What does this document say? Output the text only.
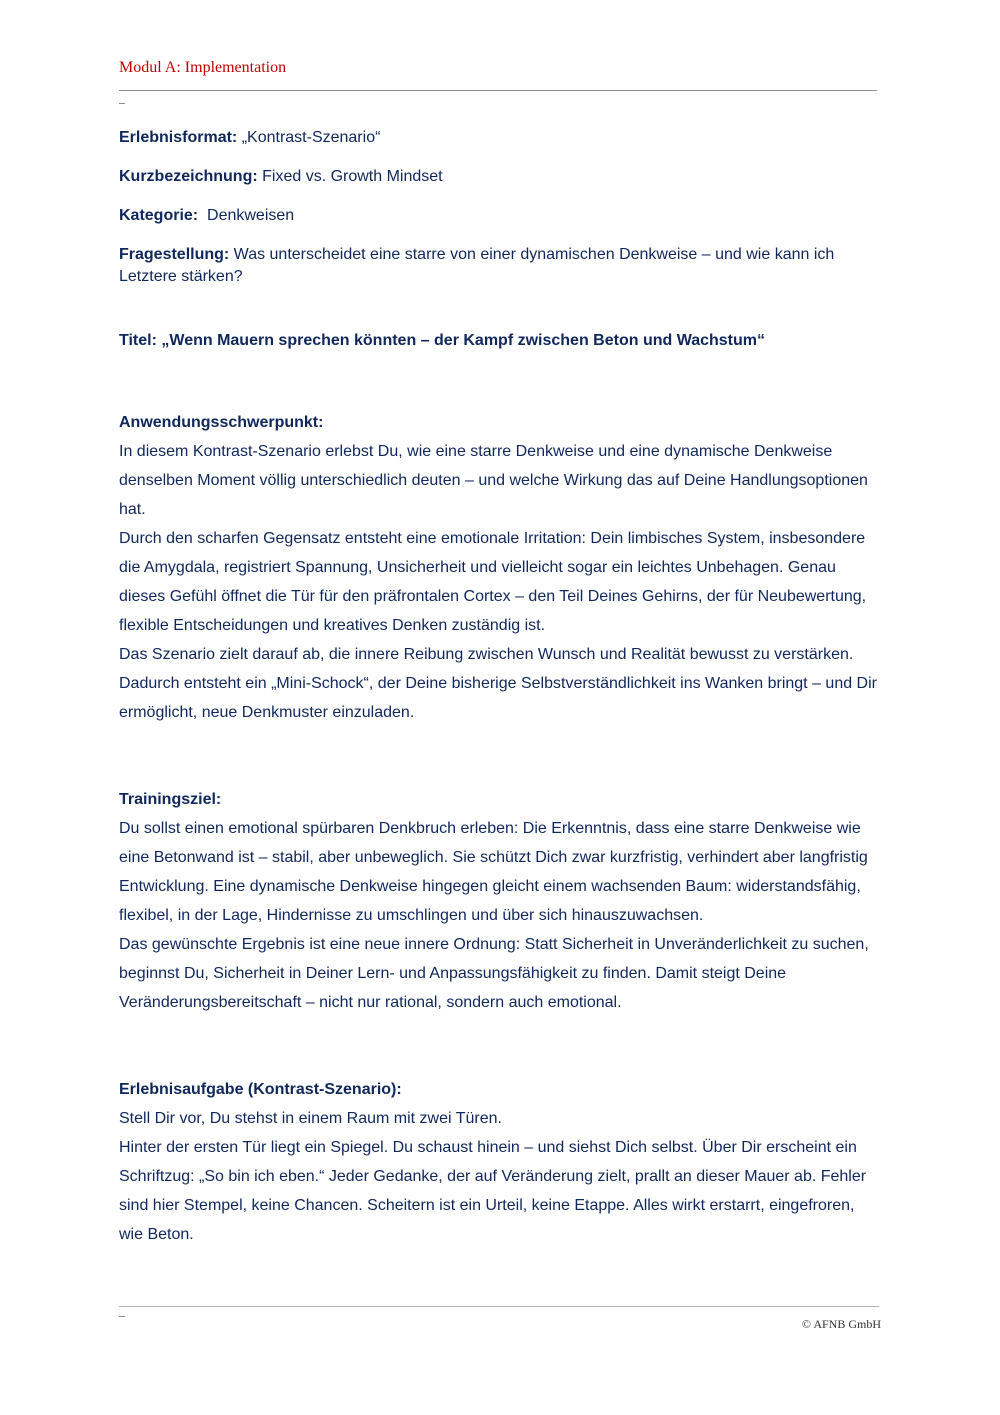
Modul A: Implementation

Erlebnisformat: „Kontrast-Szenario“

Kurzbezeichnung: Fixed vs. Growth Mindset

Kategorie:  Denkweisen

Fragestellung: Was unterscheidet eine starre von einer dynamischen Denkweise – und wie kann ich Letztere stärken?

Titel: „Wenn Mauern sprechen könnten – der Kampf zwischen Beton und Wachstum“

Anwendungsschwerpunkt:

In diesem Kontrast-Szenario erlebst Du, wie eine starre Denkweise und eine dynamische Denkweise denselben Moment völlig unterschiedlich deuten – und welche Wirkung das auf Deine Handlungsoptionen hat.

Durch den scharfen Gegensatz entsteht eine emotionale Irritation: Dein limbisches System, insbesondere die Amygdala, registriert Spannung, Unsicherheit und vielleicht sogar ein leichtes Unbehagen. Genau dieses Gefühl öffnet die Tür für den präfrontalen Cortex – den Teil Deines Gehirns, der für Neubewertung, flexible Entscheidungen und kreatives Denken zuständig ist.

Das Szenario zielt darauf ab, die innere Reibung zwischen Wunsch und Realität bewusst zu verstärken. Dadurch entsteht ein „Mini-Schock“, der Deine bisherige Selbstverständlichkeit ins Wanken bringt – und Dir ermöglicht, neue Denkmuster einzuladen.

Trainingsziel:

Du sollst einen emotional spürbaren Denkbruch erleben: Die Erkenntnis, dass eine starre Denkweise wie eine Betonwand ist – stabil, aber unbeweglich. Sie schützt Dich zwar kurzfristig, verhindert aber langfristig Entwicklung. Eine dynamische Denkweise hingegen gleicht einem wachsenden Baum: widerstandsfähig, flexibel, in der Lage, Hindernisse zu umschlingen und über sich hinauszuwachsen.

Das gewünschte Ergebnis ist eine neue innere Ordnung: Statt Sicherheit in Unveränderlichkeit zu suchen, beginnst Du, Sicherheit in Deiner Lern- und Anpassungsfähigkeit zu finden. Damit steigt Deine Veränderungsbereitschaft – nicht nur rational, sondern auch emotional.

Erlebnisaufgabe (Kontrast-Szenario):

Stell Dir vor, Du stehst in einem Raum mit zwei Türen.

Hinter der ersten Tür liegt ein Spiegel. Du schaust hinein – und siehst Dich selbst. Über Dir erscheint ein Schriftzug: „So bin ich eben.“ Jeder Gedanke, der auf Veränderung zielt, prallt an dieser Mauer ab. Fehler sind hier Stempel, keine Chancen. Scheitern ist ein Urteil, keine Etappe. Alles wirkt erstarrt, eingefroren, wie Beton.

© AFNB GmbH
